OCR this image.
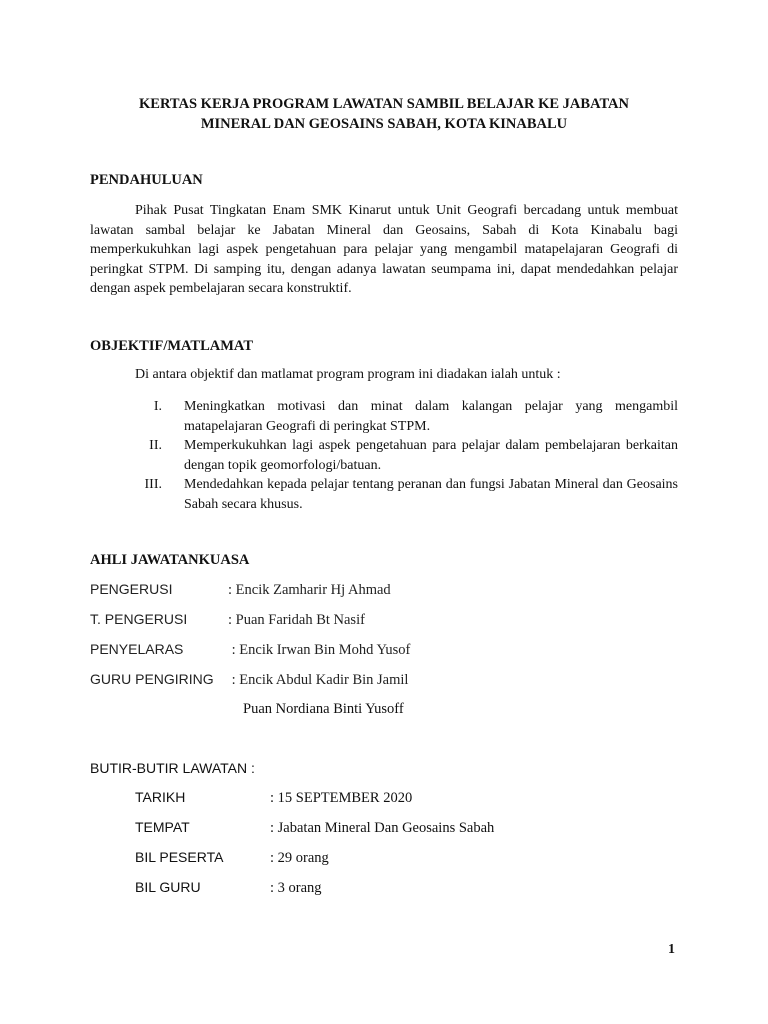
KERTAS KERJA PROGRAM LAWATAN SAMBIL BELAJAR KE JABATAN
MINERAL DAN GEOSAINS SABAH, KOTA KINABALU
PENDAHULUAN
Pihak Pusat Tingkatan Enam SMK Kinarut untuk Unit Geografi bercadang untuk membuat lawatan sambal belajar ke Jabatan Mineral dan Geosains, Sabah di Kota Kinabalu bagi memperkukuhkan lagi aspek pengetahuan para pelajar yang mengambil matapelajaran Geografi di peringkat STPM. Di samping itu, dengan adanya lawatan seumpama ini, dapat mendedahkan pelajar dengan aspek pembelajaran secara konstruktif.
OBJEKTIF/MATLAMAT
Di antara objektif dan matlamat program program ini diadakan ialah untuk :
I.	Meningkatkan motivasi dan minat dalam kalangan pelajar yang mengambil matapelajaran Geografi di peringkat STPM.
II.	Memperkukuhkan lagi aspek pengetahuan para pelajar dalam pembelajaran berkaitan dengan topik geomorfologi/batuan.
III.	Mendedahkan kepada pelajar tentang peranan dan fungsi Jabatan Mineral dan Geosains Sabah secara khusus.
AHLI JAWATANKUASA
PENGERUSI	: Encik Zamharir Hj Ahmad
T. PENGERUSI	: Puan Faridah Bt Nasif
PENYELARAS	: Encik Irwan Bin Mohd Yusof
GURU PENGIRING : Encik Abdul Kadir Bin Jamil
Puan Nordiana Binti Yusoff
BUTIR-BUTIR LAWATAN :
TARIKH	: 15 SEPTEMBER 2020
TEMPAT	: Jabatan Mineral Dan Geosains Sabah
BIL PESERTA	: 29 orang
BIL GURU	: 3 orang
1
